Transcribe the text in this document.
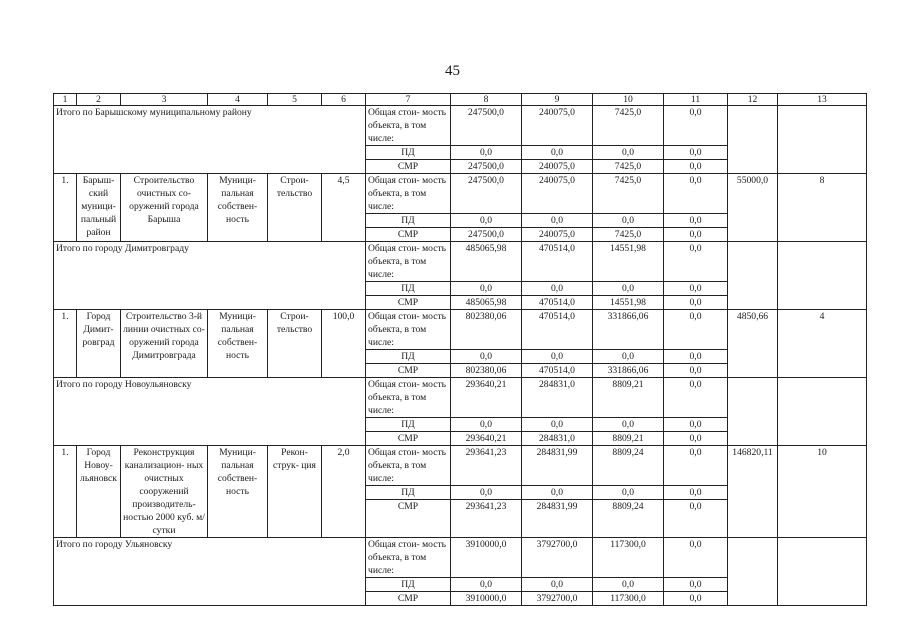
45
1	2	3	4	5	6	7	8	9	10	11	12	13
Итого по Барышскому муниципальному району						Общая стои- мость объекта, в том числе:	247500,0	240075,0	7425,0	0,0		
						ПД	0,0	0,0	0,0	0,0		
						СМР	247500,0	240075,0	7425,0	0,0		
1.	Барыш- ский муници- пальный район	Строительство очистных со- оружений города Барыша	Муници- пальная собствен- ность	Строи- тельство	4,5	Общая стои- мость объекта, в том числе:	247500,0	240075,0	7425,0	0,0	55000,0	8
						ПД	0,0	0,0	0,0	0,0		
						СМР	247500,0	240075,0	7425,0	0,0		
Итого по городу Димитровграду						Общая стои- мость объекта, в том числе:	485065,98	470514,0	14551,98	0,0		
						ПД	0,0	0,0	0,0	0,0		
						СМР	485065,98	470514,0	14551,98	0,0		
1.	Город Димит- ровград	Строительство 3-й линии очистных со- оружений города Димитровграда	Муници- пальная собствен- ность	Строи- тельство	100,0	Общая стои- мость объекта, в том числе:	802380,06	470514,0	331866,06	0,0	4850,66	4
						ПД	0,0	0,0	0,0	0,0		
						СМР	802380,06	470514,0	331866,06	0,0		
Итого по городу Новоульяновску						Общая стои- мость объекта, в том числе:	293640,21	284831,0	8809,21	0,0		
						ПД	0,0	0,0	0,0	0,0		
						СМР	293640,21	284831,0	8809,21	0,0		
1.	Город Новоу- льяновск	Реконструкция канализацион- ных очистных сооружений производитель- ностью 2000 куб. м/сутки	Муници- пальная собствен- ность	Рекон- струк- ция	2,0	Общая стои- мость объекта, в том числе:	293641,23	284831,99	8809,24	0,0	146820,11	10
						ПД	0,0	0,0	0,0	0,0		
						СМР	293641,23	284831,99	8809,24	0,0		
Итого по городу Ульяновску						Общая стои- мость объекта, в том числе:	3910000,0	3792700,0	117300,0	0,0		
						ПД	0,0	0,0	0,0	0,0		
						СМР	3910000,0	3792700,0	117300,0	0,0		
